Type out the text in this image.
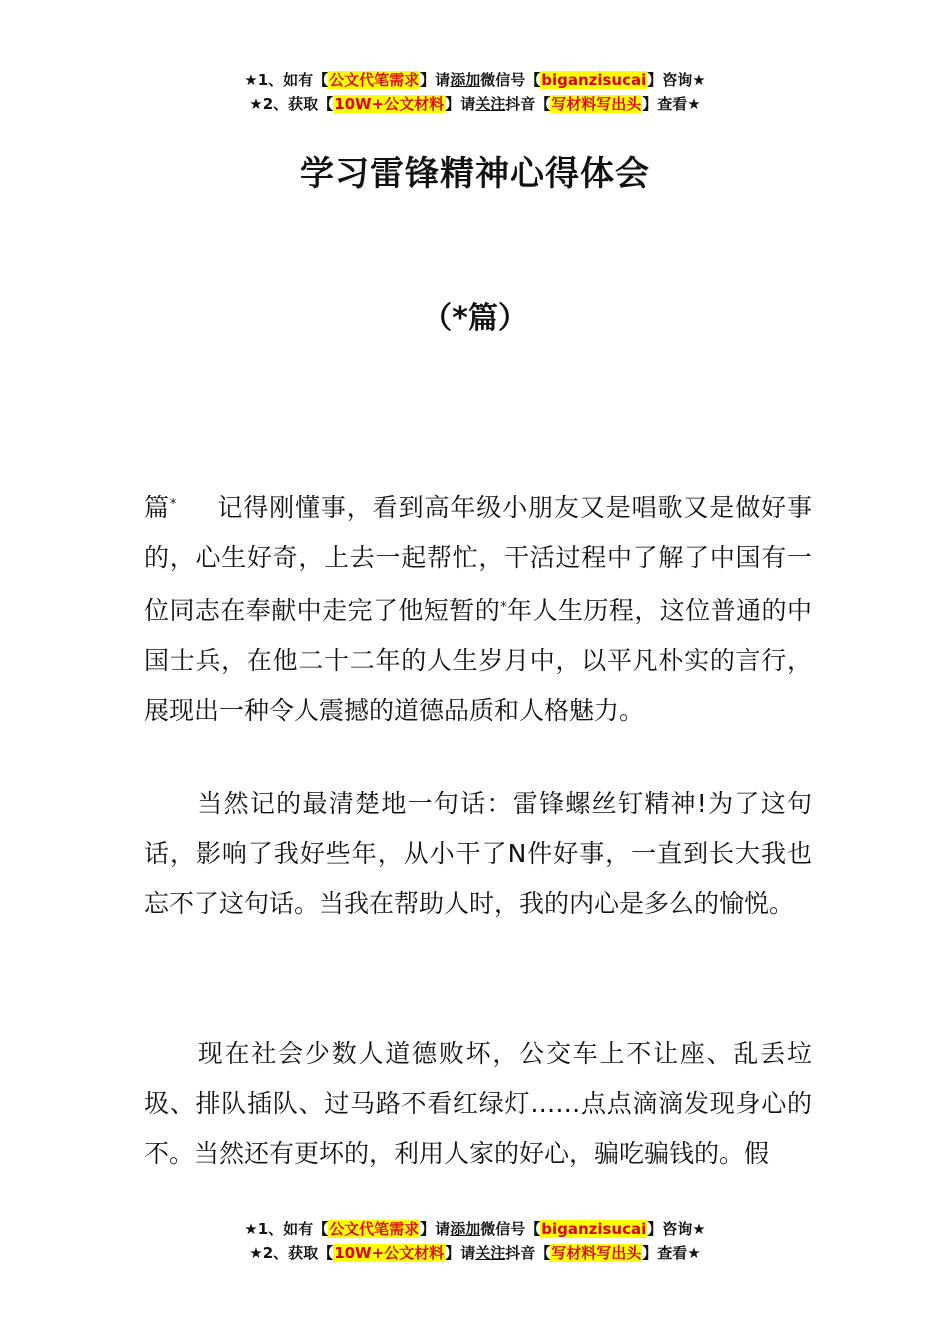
★1、如有【公文代笔需求】请添加微信号【biganzisucai】咨询★
★2、获取【10W+公文材料】请关注抖音【写材料写出头】查看★
学习雷锋精神心得体会
（*篇）

篇* 记得刚懂事，看到高年级小朋友又是唱歌又是做好事的，心生好奇，上去一起帮忙，干活过程中了解了中国有一位同志在奉献中走完了他短暂的*年人生历程，这位普通的中国士兵，在他二十二年的人生岁月中，以平凡朴实的言行，展现出一种令人震撼的道德品质和人格魅力。

当然记的最清楚地一句话：雷锋螺丝钉精神!为了这句话，影响了我好些年，从小干了N件好事，一直到长大我也忘不了这句话。当我在帮助人时，我的内心是多么的愉悦。

现在社会少数人道德败坏，公交车上不让座、乱丢垃圾、排队插队、过马路不看红绿灯……点点滴滴发现身心的不。当然还有更坏的，利用人家的好心，骗吃骗钱的。假

★1、如有【公文代笔需求】请添加微信号【biganzisucai】咨询★
★2、获取【10W+公文材料】请关注抖音【写材料写出头】查看★
